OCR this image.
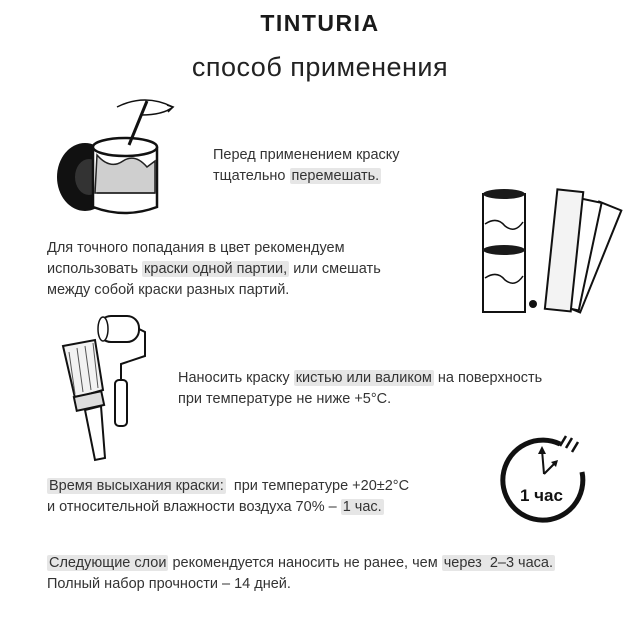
TINTURIA
способ применения
Перед применением краску
тщательно перемешать.
Для точного попадания в цвет рекомендуем
использовать краски одной партии, или смешать
между собой краски разных партий.
Наносить краску кистью или валиком на поверхность
при температуре не ниже +5°С.
1 час
Время высыхания краски:  при температуре +20±2°С
и относительной влажности воздуха 70% – 1 час.
Следующие слои рекомендуется наносить не ранее, чем через  2–3 часа.
Полный набор прочности – 14 дней.
